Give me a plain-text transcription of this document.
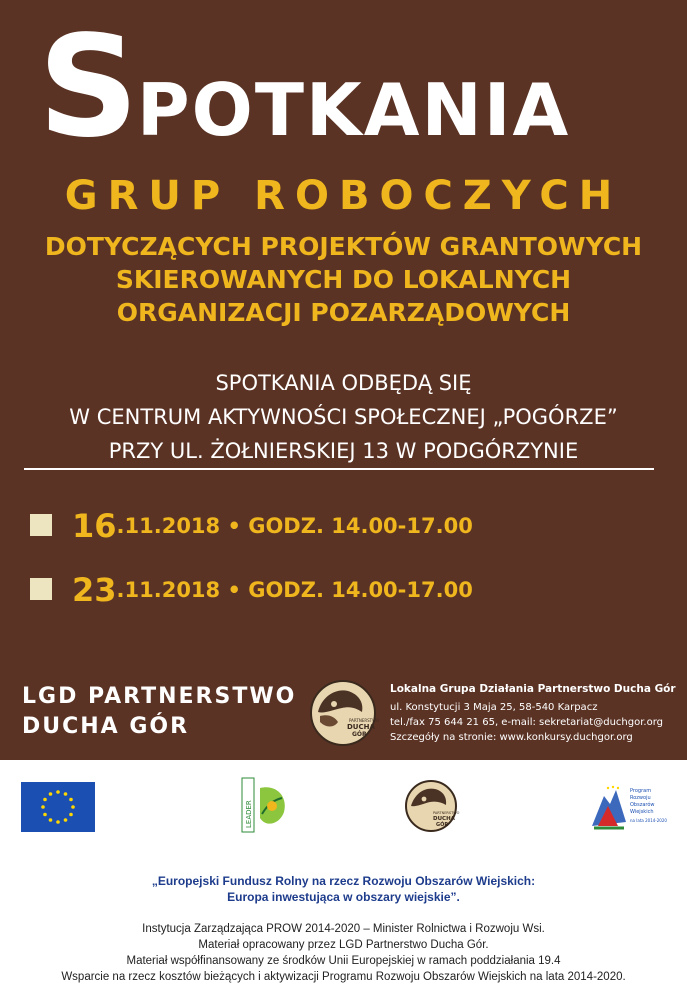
SPOTKANIA
GRUP ROBOCZYCH
DOTYCZĄCYCH PROJEKTÓW GRANTOWYCH
SKIEROWANYCH DO LOKALNYCH
ORGANIZACJI POZARZĄDOWYCH
SPOTKANIA ODBĘDĄ SIĘ
W CENTRUM AKTYWNOŚCI SPOŁECZNEJ „POGÓRZE”
PRZY UL. ŻOŁNIERSKIEJ 13 W PODGÓRZYNIE
16 .11.2018 • GODZ. 14.00-17.00
23 .11.2018 • GODZ. 14.00-17.00
LGD PARTNERSTWO
DUCHA GÓR	PARTNERSTWO
DUCHA
GÓR
Lokalna Grupa Działania Partnerstwo Ducha Gór
ul. Konstytucji 3 Maja 25, 58-540 Karpacz
tel./fax 75 644 21 65, e-mail: sekretariat@duchgor.org
Szczegóły na stronie: www.konkursy.duchgor.org
LEADER	PARTNERSTWO
DUCHA
GÓR
Program
Rozwoju
Obszarów
Wiejskich
na lata 2014-2020
„Europejski Fundusz Rolny na rzecz Rozwoju Obszarów Wiejskich:
Europa inwestująca w obszary wiejskie”.
Instytucja Zarządzająca PROW 2014-2020 – Minister Rolnictwa i Rozwoju Wsi.
Materiał opracowany przez LGD Partnerstwo Ducha Gór.
Materiał współfinansowany ze środków Unii Europejskiej w ramach poddziałania 19.4
Wsparcie na rzecz kosztów bieżących i aktywizacji Programu Rozwoju Obszarów Wiejskich na lata 2014-2020.
